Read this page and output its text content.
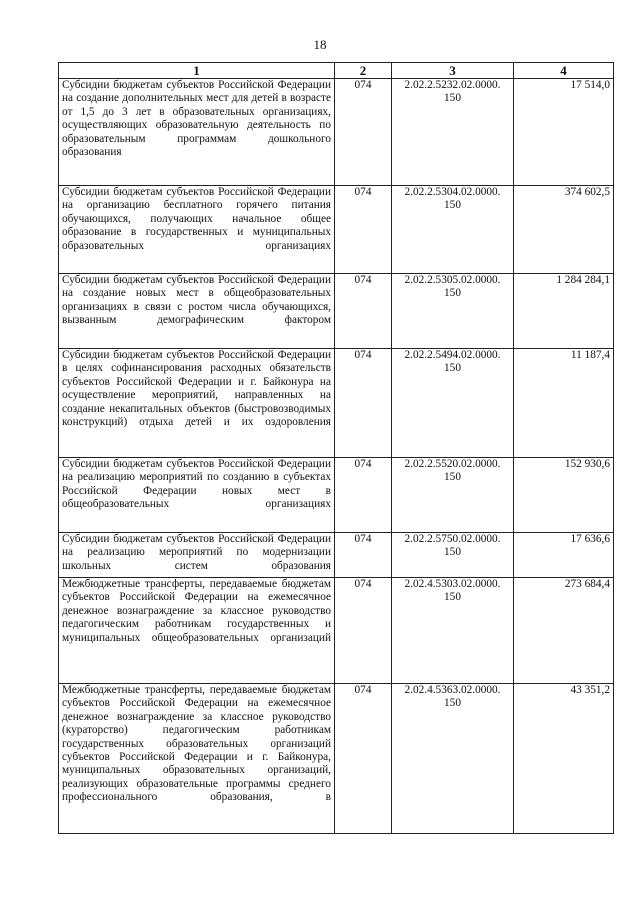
18
1	2	3	4
Субсидии бюджетам субъектов Российской Федерации на создание дополнительных мест для детей в возрасте от 1,5 до 3 лет в образовательных организациях, осуществляющих образовательную деятельность по образовательным программам дошкольного образования	074	2.02.2.5232.02.0000. 150	17 514,0
Субсидии бюджетам субъектов Российской Федерации на организацию бесплатного горячего питания обучающихся, получающих начальное общее образование в государственных и муниципальных образовательных организациях	074	2.02.2.5304.02.0000. 150	374 602,5
Субсидии бюджетам субъектов Российской Федерации на создание новых мест в общеобразовательных организациях в связи с ростом числа обучающихся, вызванным демографическим фактором	074	2.02.2.5305.02.0000. 150	1 284 284,1
Субсидии бюджетам субъектов Российской Федерации в целях софинансирования расходных обязательств субъектов Российской Федерации и г. Байконура на осуществление мероприятий, направленных на создание некапитальных объектов (быстровозводимых конструкций) отдыха детей и их оздоровления	074	2.02.2.5494.02.0000. 150	11 187,4
Субсидии бюджетам субъектов Российской Федерации на реализацию мероприятий по созданию в субъектах Российской Федерации новых мест в общеобразовательных организациях	074	2.02.2.5520.02.0000. 150	152 930,6
Субсидии бюджетам субъектов Российской Федерации на реализацию мероприятий по модернизации школьных систем образования	074	2.02.2.5750.02.0000. 150	17 636,6
Межбюджетные трансферты, передаваемые бюджетам субъектов Российской Федерации на ежемесячное денежное вознаграждение за классное руководство педагогическим работникам государственных и муниципальных общеобразовательных организаций	074	2.02.4.5303.02.0000. 150	273 684,4
Межбюджетные трансферты, передаваемые бюджетам субъектов Российской Федерации на ежемесячное денежное вознаграждение за классное руководство (кураторство) педагогическим работникам государственных образовательных организаций субъектов Российской Федерации и г. Байконура, муниципальных образовательных организаций, реализующих образовательные программы среднего профессионального образования, в	074	2.02.4.5363.02.0000. 150	43 351,2
